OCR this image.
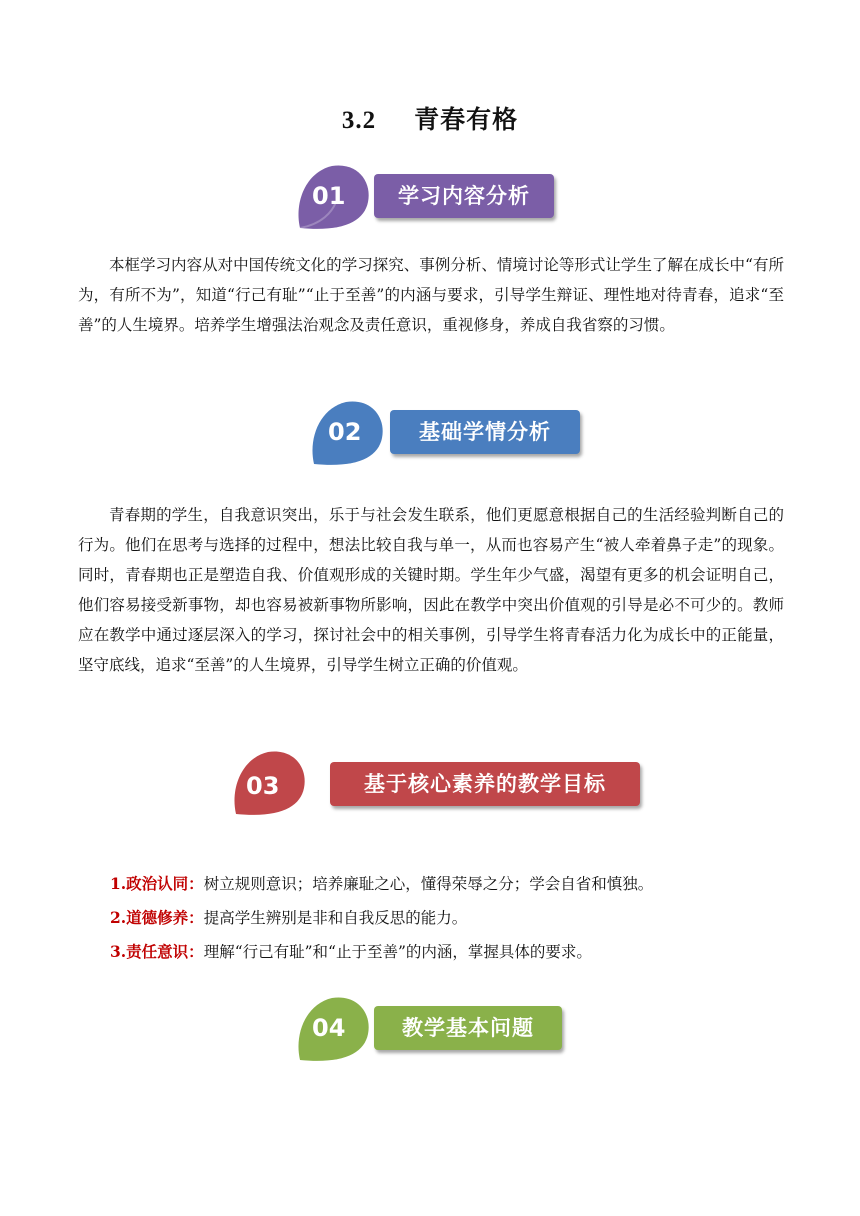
3.2 青春有格
01	学习内容分析
本框学习内容从对中国传统文化的学习探究、事例分析、情境讨论等形式让学生了解在成长中“有所为，有所不为”，知道“行己有耻”“止于至善”的内涵与要求，引导学生辩证、理性地对待青春，追求“至善”的人生境界。培养学生增强法治观念及责任意识，重视修身，养成自我省察的习惯。
02	基础学情分析
青春期的学生，自我意识突出，乐于与社会发生联系，他们更愿意根据自己的生活经验判断自己的行为。他们在思考与选择的过程中，想法比较自我与单一，从而也容易产生“被人牵着鼻子走”的现象。同时，青春期也正是塑造自我、价值观形成的关键时期。学生年少气盛，渴望有更多的机会证明自己，他们容易接受新事物，却也容易被新事物所影响，因此在教学中突出价值观的引导是必不可少的。教师应在教学中通过逐层深入的学习，探讨社会中的相关事例，引导学生将青春活力化为成长中的正能量，坚守底线，追求“至善”的人生境界，引导学生树立正确的价值观。
03	基于核心素养的教学目标
1.政治认同：树立规则意识；培养廉耻之心，懂得荣辱之分；学会自省和慎独。
2.道德修养：提高学生辨别是非和自我反思的能力。
3.责任意识：理解“行己有耻”和“止于至善”的内涵，掌握具体的要求。
04	教学基本问题
